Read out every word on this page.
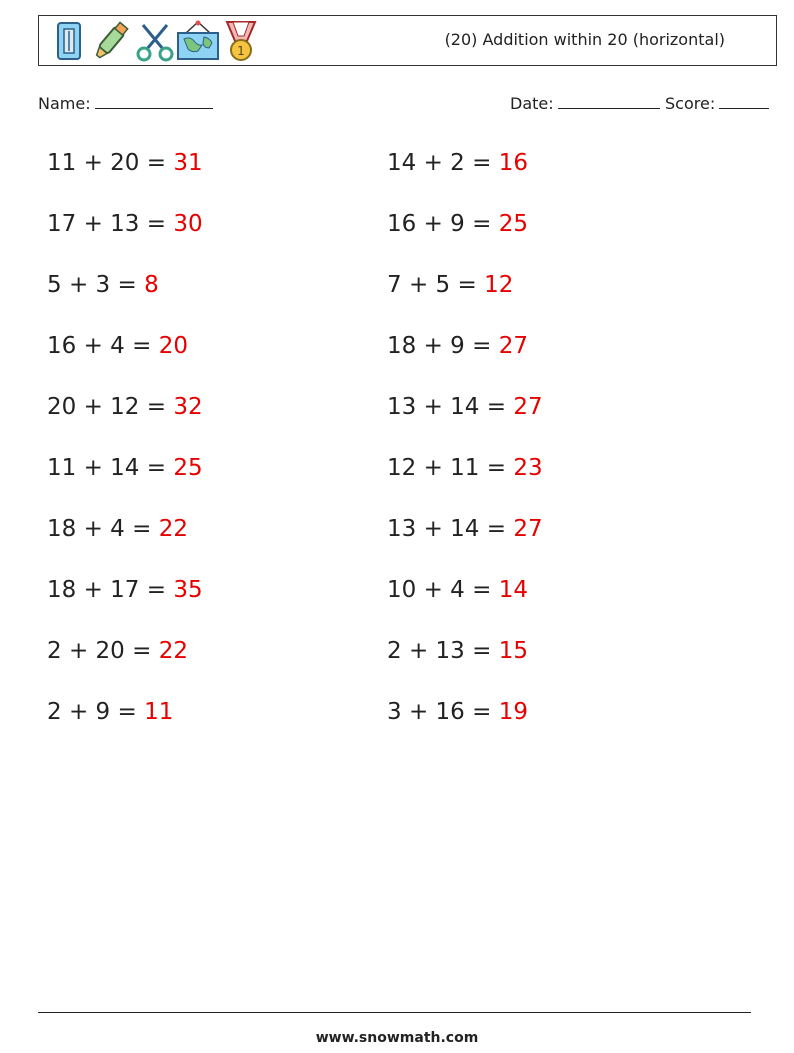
1
(20) Addition within 20 (horizontal)
Name:	Date:	Score:
11 + 20 = 31
17 + 13 = 30
5 + 3 = 8
16 + 4 = 20
20 + 12 = 32
11 + 14 = 25
18 + 4 = 22
18 + 17 = 35
2 + 20 = 22
2 + 9 = 11
14 + 2 = 16
16 + 9 = 25
7 + 5 = 12
18 + 9 = 27
13 + 14 = 27
12 + 11 = 23
13 + 14 = 27
10 + 4 = 14
2 + 13 = 15
3 + 16 = 19
www.snowmath.com
